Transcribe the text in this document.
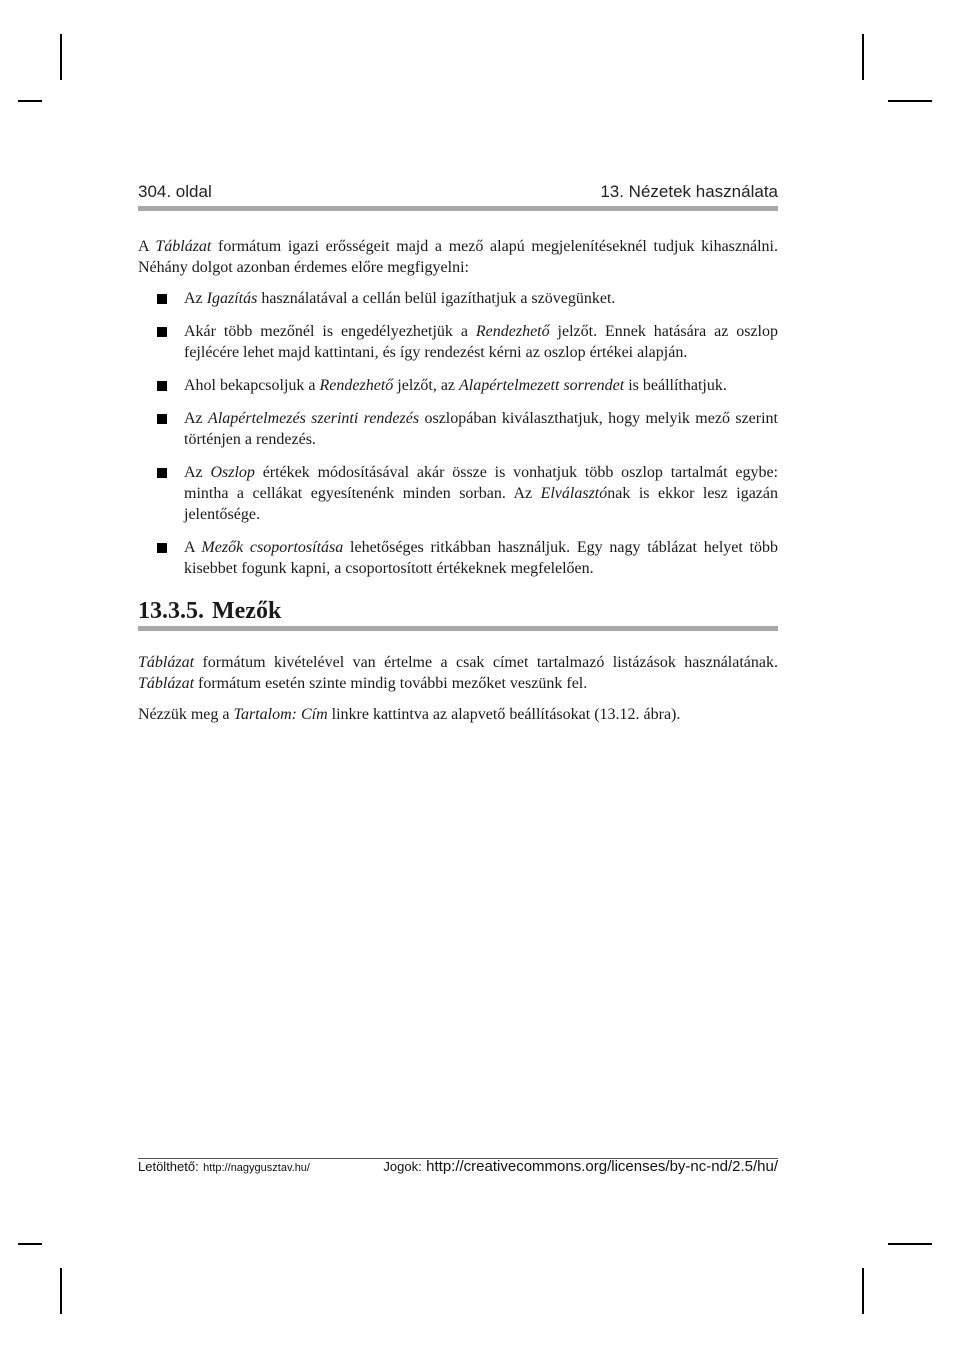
304. oldal	13. Nézetek használata

A Táblázat formátum igazi erősségeit majd a mező alapú megjelenítéseknél tudjuk kihasználni. Néhány dolgot azonban érdemes előre megfigyelni:

Az Igazítás használatával a cellán belül igazíthatjuk a szövegünket.
Akár több mezőnél is engedélyezhetjük a Rendezhető jelzőt. Ennek hatására az oszlop fejlécére lehet majd kattintani, és így rendezést kérni az oszlop értékei alapján.
Ahol bekapcsoljuk a Rendezhető jelzőt, az Alapértelmezett sorrendet is beállíthatjuk.
Az Alapértelmezés szerinti rendezés oszlopában kiválaszthatjuk, hogy melyik mező szerint történjen a rendezés.
Az Oszlop értékek módosításával akár össze is vonhatjuk több oszlop tartalmát egybe: mintha a cellákat egyesítenénk minden sorban. Az Elválasztónak is ekkor lesz igazán jelentősége.
A Mezők csoportosítása lehetőséges ritkábban használjuk. Egy nagy táblázat helyet több kisebbet fogunk kapni, a csoportosított értékeknek megfelelően.
13.3.5. Mezők

Táblázat formátum kivételével van értelme a csak címet tartalmazó listázások használatának. Táblázat formátum esetén szinte mindig további mezőket veszünk fel.

Nézzük meg a Tartalom: Cím linkre kattintva az alapvető beállításokat (13.12. ábra).

Letölthető: http://nagygusztav.hu/	Jogok: http://creativecommons.org/licenses/by-nc-nd/2.5/hu/
